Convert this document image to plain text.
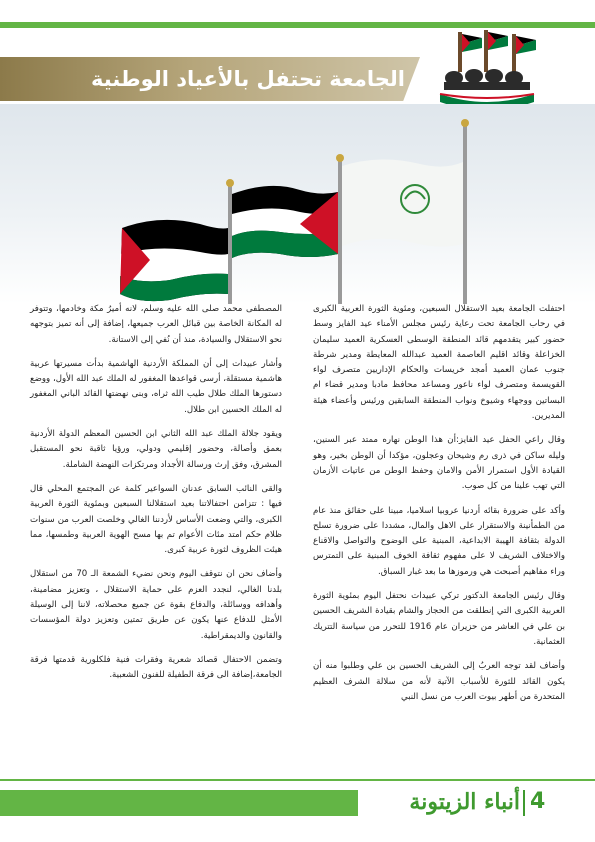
الجامعة تحتفل بالأعياد الوطنية

احتفلت الجامعة بعيد الاستقلال السبعين، ومئوية الثورة العربية الكبرى في رحاب الجامعة تحت رعاية رئيس مجلس الأمناء عيد الفايز وسط حضور كبير يتقدمهم قائد المنطقة الوسطى العسكرية العميد سليمان الخزاعلة وقائد اقليم العاصمة العميد عبدالله المعايطة ومدير شرطة جنوب عمان العميد أمجد خريسات والحكام الإداريين متصرف لواء القويسمة ومتصرف لواء ناعور ومساعد محافظ مادبا ومدير قضاء ام البساتين ووجهاء وشيوخ ونواب المنطقة السابقين ورئيس وأعضاء هيئة المديرين.

وقال راعي الحفل عيد الفايز:أن هذا الوطن نهاره ممتد عبر السنين، وليله ساكن في ذرى رم وشيحان وعجلون، مؤكدا أن الوطن بخير، وهو القيادة الأول استمرار الأمن والامان وحفظ الوطن من عاتيات الأزمان التي تهب علينا من كل صوب.

وأكد على ضرورة بقائه أردنيا عروبيا اسلاميا، مبينا على حقائق منذ عام من الطمأنينة والاستقرار على الاهل والمال، مشددا على ضرورة تسلح الدولة بثقافة الهيبة الابداعية، المبنية على الوضوح والتواصل والاقناع والاختلاف الشريف لا على مفهوم ثقافة الخوف المبنية على التمترس وراء مفاهيم أصبحت هي ورموزها ما بعد غبار السباق.

وقال رئيس الجامعة الدكتور تركي عبيدات نحتفل اليوم بمئوية الثورة العربية الكبرى التي إنطلقت من الحجاز والشام بقيادة الشريف الحسين بن علي في العاشر من حزيران عام 1916 للتحرر من سياسة التتريك العثمانية.

وأضاف لقد توجه العربُ إلى الشريف الحسين بن علي وطلبوا منه أن يكون القائد للثورة للأسباب الآتية لأنه من سلالة الشرف العظيم المتحدرة من أطهر بيوت العرب من نسل النبي

المصطفى محمد صلى الله عليه وسلم، لانه أميرُ مكة وخادمها، وتتوفر له المكانة الخاصة بين قبائل العرب جميعها، إضافة إلى أنه تميز بتوجهه نحو الاستقلال والسيادة، منذ أن نُفي إلى الاستانة.

وأشار عبيدات إلى أن المملكة الأردنية الهاشمية بدأت مسيرتها عربية هاشمية مستقلة، أرسى قواعدها المغفور له الملك عبد الله الأول، ووضع دستورها الملك طلال طيب الله ثراه، وبنى نهضتها القائد الباني المغفور له الملك الحسين ابن طلال.

ويقود جلالة الملك عبد الله الثاني ابن الحسين المعظم الدولة الأردنية بعمق وأصالة، وحضور إقليمي ودولي، ورؤيا ثاقبة نحو المستقبل المشرق، وفق إرث ورسالة الأجداد ومرتكزات النهضة الشاملة.

والقى النائب السابق عدنان السواعير كلمة عن المجتمع المحلي قال فيها : تتزامن احتفالاتنا بعيد استقلالنا السبعين وبمئوية الثورة العربية الكبرى، والتي وضعت الأساس لأردننا الغالي وخلصت العرب من سنوات ظلام حكم امتد مئات الأعوام تم بها مسح الهوية العربية وطمسها، مما هيئت الظروف لثورة عربية كبرى.

وأضاف نحن ان نتوقف اليوم ونحن نضيء الشمعة الـ 70 من استقلال بلدنا الغالي، لنجدد العزم على حماية الاستقلال ، وتعزيز مضامينة، وأهدافه ووسائلة، والدفاع بقوة عن جميع محصلاته، لاننا إلى الوسيلة الأمثل للدفاع عنها يكون عن طريق تمتين وتعزيز دولة المؤسسات والقانون والديمقراطية.

وتضمن الاحتفال قصائد شعرية وفقرات فنية فلكلورية قدمتها فرقة الجامعة،إضافة الى فرقة الطفيلة للفنون الشعبية.

أنباء الزيتونة 4
